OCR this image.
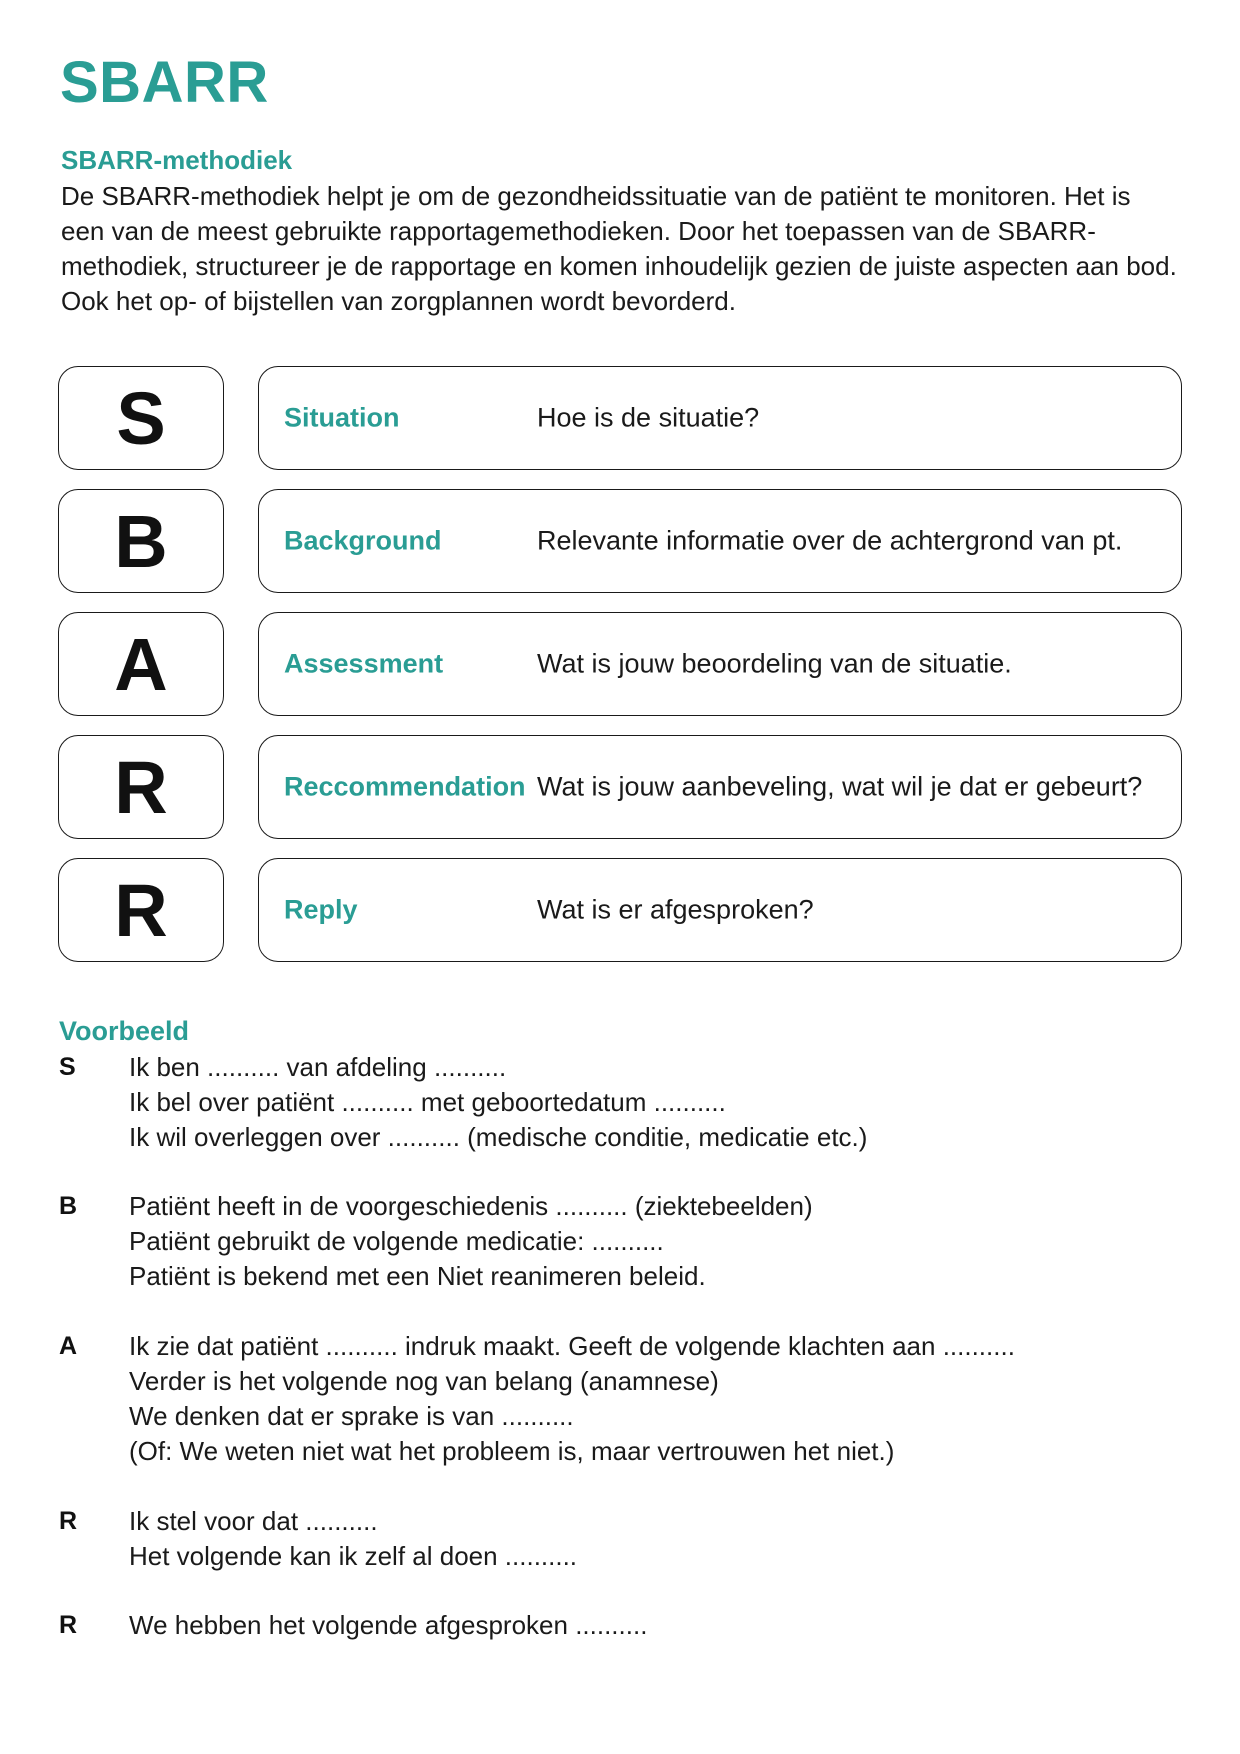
SBARR
SBARR-methodiek

De SBARR-methodiek helpt je om de gezondheidssituatie van de patiënt te monitoren. Het is een van de meest gebruikte rapportagemethodieken. Door het toepassen van de SBARR-methodiek, structureer je de rapportage en komen inhoudelijk gezien de juiste aspecten aan bod. Ook het op- of bijstellen van zorgplannen wordt bevorderd.

S	Situation	Hoe is de situatie?
B	Background	Relevante informatie over de achtergrond van pt.
A	Assessment	Wat is jouw beoordeling van de situatie.
R	Reccommendation Wat is jouw aanbeveling, wat wil je dat er gebeurt?
R	Reply	Wat is er afgesproken?
Voorbeeld
S Ik ben .......... van afdeling ..........
Ik bel over patiënt .......... met geboortedatum ..........
Ik wil overleggen over .......... (medische conditie, medicatie etc.)
B Patiënt heeft in de voorgeschiedenis .......... (ziektebeelden)
Patiënt gebruikt de volgende medicatie: ..........
Patiënt is bekend met een Niet reanimeren beleid.
A Ik zie dat patiënt .......... indruk maakt. Geeft de volgende klachten aan ..........
Verder is het volgende nog van belang (anamnese)
We denken dat er sprake is van ..........
(Of: We weten niet wat het probleem is, maar vertrouwen het niet.)
R Ik stel voor dat ..........
Het volgende kan ik zelf al doen ..........
R We hebben het volgende afgesproken ..........
